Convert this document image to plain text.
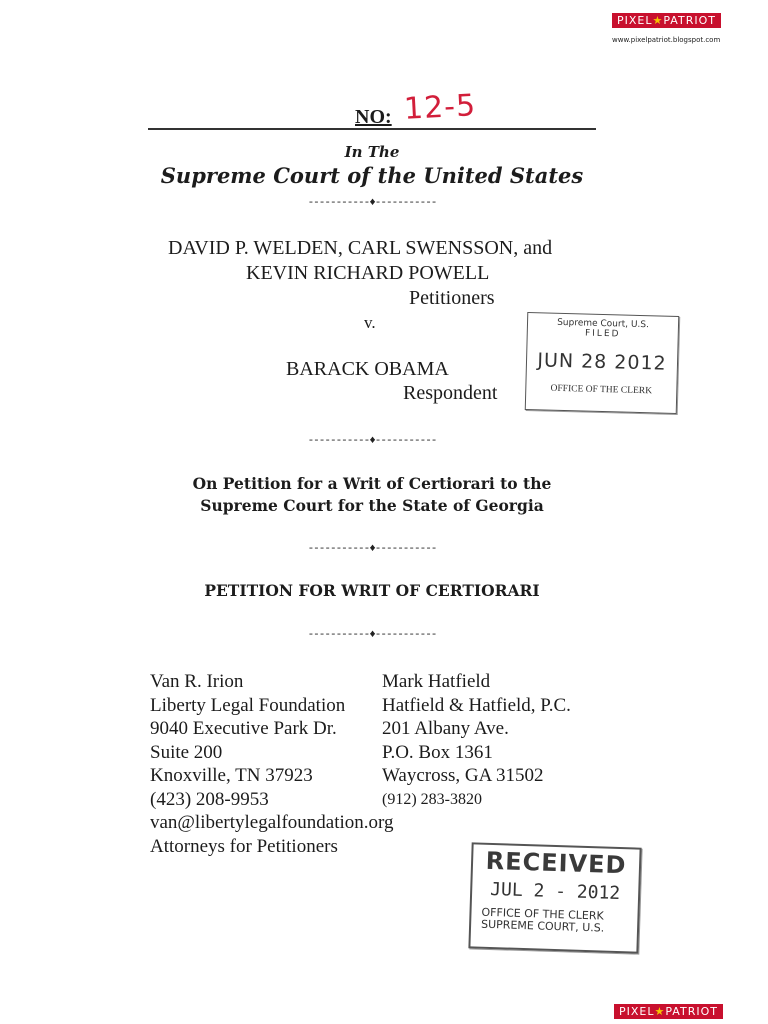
PIXEL★PATRIOT
www.pixelpatriot.blogspot.com
NO: 12-5
In The
Supreme Court of the United States
-----------♦-----------
DAVID P. WELDEN, CARL SWENSSON, and
KEVIN RICHARD POWELL
Petitioners
v.
BARACK OBAMA
Respondent
Supreme Court, U.S.
FILED
JUN 28 2012
OFFICE OF THE CLERK
-----------♦-----------
On Petition for a Writ of Certiorari to the
Supreme Court for the State of Georgia
-----------♦-----------
PETITION FOR WRIT OF CERTIORARI
-----------♦-----------
Van R. Irion
Liberty Legal Foundation
9040 Executive Park Dr.
Suite 200
Knoxville, TN 37923
(423) 208-9953
van@libertylegalfoundation.org
Attorneys for Petitioners
Mark Hatfield
Hatfield & Hatfield, P.C.
201 Albany Ave.
P.O. Box 1361
Waycross, GA 31502
(912) 283-3820
RECEIVED
JUL 2 - 2012
OFFICE OF THE CLERK
SUPREME COURT, U.S.
PIXEL★PATRIOT
